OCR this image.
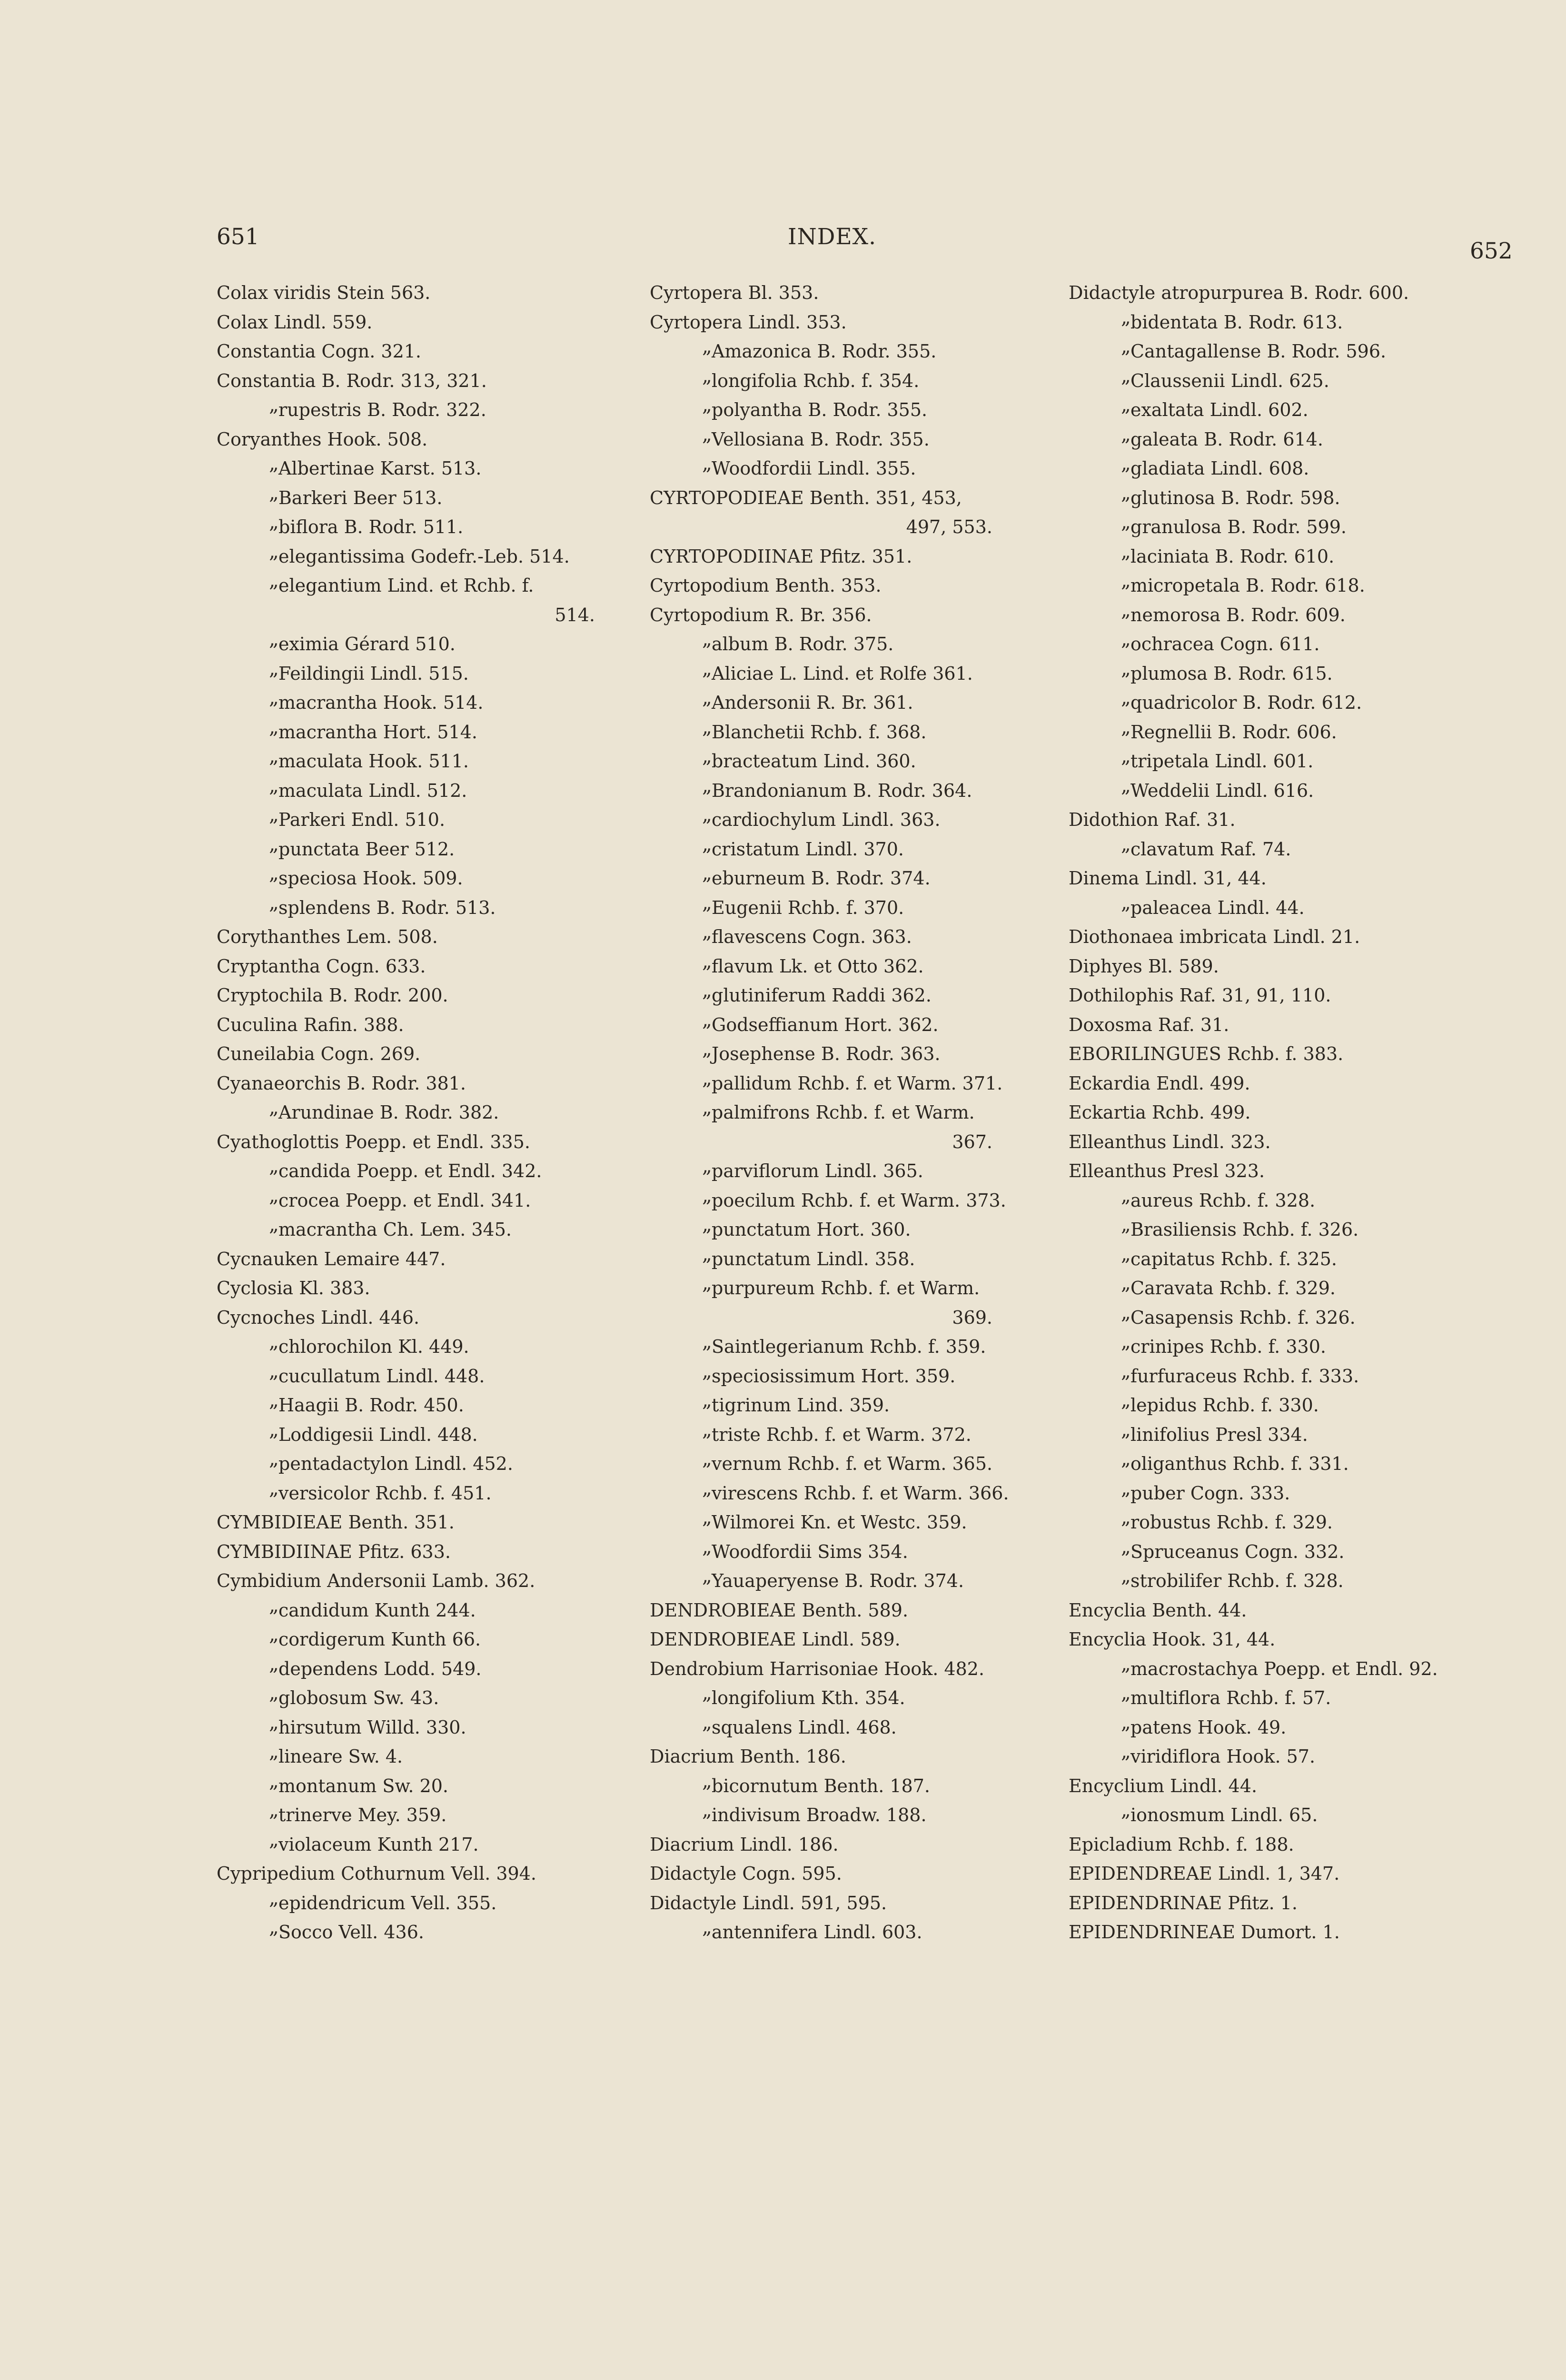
651	INDEX.
652
Colax viridis Stein 563.
Colax Lindl. 559.
Constantia Cogn. 321.
Constantia B. Rodr. 313, 321.
„ rupestris B. Rodr. 322.
Coryanthes Hook. 508.
„ Albertinae Karst. 513.
„ Barkeri Beer 513.
„ biflora B. Rodr. 511.
„ elegantissima Godefr.-Leb. 514.
„ elegantium Lind. et Rchb. f.
514.
„ eximia Gérard 510.
„ Feildingii Lindl. 515.
„ macrantha Hook. 514.
„ macrantha Hort. 514.
„ maculata Hook. 511.
„ maculata Lindl. 512.
„ Parkeri Endl. 510.
„ punctata Beer 512.
„ speciosa Hook. 509.
„ splendens B. Rodr. 513.
Corythanthes Lem. 508.
Cryptantha Cogn. 633.
Cryptochila B. Rodr. 200.
Cuculina Rafin. 388.
Cuneilabia Cogn. 269.
Cyanaeorchis B. Rodr. 381.
„ Arundinae B. Rodr. 382.
Cyathoglottis Poepp. et Endl. 335.
„ candida Poepp. et Endl. 342.
„ crocea Poepp. et Endl. 341.
„ macrantha Ch. Lem. 345.
Cycnauken Lemaire 447.
Cyclosia Kl. 383.
Cycnoches Lindl. 446.
„ chlorochilon Kl. 449.
„ cucullatum Lindl. 448.
„ Haagii B. Rodr. 450.
„ Loddigesii Lindl. 448.
„ pentadactylon Lindl. 452.
„ versicolor Rchb. f. 451.
CYMBIDIEAE Benth. 351.
CYMBIDIINAE Pfitz. 633.
Cymbidium Andersonii Lamb. 362.
„ candidum Kunth 244.
„ cordigerum Kunth 66.
„ dependens Lodd. 549.
„ globosum Sw. 43.
„ hirsutum Willd. 330.
„ lineare Sw. 4.
„ montanum Sw. 20.
„ trinerve Mey. 359.
„ violaceum Kunth 217.
Cypripedium Cothurnum Vell. 394.
„ epidendricum Vell. 355.
„ Socco Vell. 436.
Cyrtopera Bl. 353.
Cyrtopera Lindl. 353.
„ Amazonica B. Rodr. 355.
„ longifolia Rchb. f. 354.
„ polyantha B. Rodr. 355.
„ Vellosiana B. Rodr. 355.
„ Woodfordii Lindl. 355.
CYRTOPODIEAE Benth. 351, 453,
497, 553.
CYRTOPODIINAE Pfitz. 351.
Cyrtopodium Benth. 353.
Cyrtopodium R. Br. 356.
„ album B. Rodr. 375.
„ Aliciae L. Lind. et Rolfe 361.
„ Andersonii R. Br. 361.
„ Blanchetii Rchb. f. 368.
„ bracteatum Lind. 360.
„ Brandonianum B. Rodr. 364.
„ cardiochylum Lindl. 363.
„ cristatum Lindl. 370.
„ eburneum B. Rodr. 374.
„ Eugenii Rchb. f. 370.
„ flavescens Cogn. 363.
„ flavum Lk. et Otto 362.
„ glutiniferum Raddi 362.
„ Godseffianum Hort. 362.
„ Josephense B. Rodr. 363.
„ pallidum Rchb. f. et Warm. 371.
„ palmifrons Rchb. f. et Warm.
367.
„ parviflorum Lindl. 365.
„ poecilum Rchb. f. et Warm. 373.
„ punctatum Hort. 360.
„ punctatum Lindl. 358.
„ purpureum Rchb. f. et Warm.
369.
„ Saintlegerianum Rchb. f. 359.
„ speciosissimum Hort. 359.
„ tigrinum Lind. 359.
„ triste Rchb. f. et Warm. 372.
„ vernum Rchb. f. et Warm. 365.
„ virescens Rchb. f. et Warm. 366.
„ Wilmorei Kn. et Westc. 359.
„ Woodfordii Sims 354.
„ Yauaperyense B. Rodr. 374.
DENDROBIEAE Benth. 589.
DENDROBIEAE Lindl. 589.
Dendrobium Harrisoniae Hook. 482.
„ longifolium Kth. 354.
„ squalens Lindl. 468.
Diacrium Benth. 186.
„ bicornutum Benth. 187.
„ indivisum Broadw. 188.
Diacrium Lindl. 186.
Didactyle Cogn. 595.
Didactyle Lindl. 591, 595.
„ antennifera Lindl. 603.
Didactyle atropurpurea B. Rodr. 600.
„ bidentata B. Rodr. 613.
„ Cantagallense B. Rodr. 596.
„ Claussenii Lindl. 625.
„ exaltata Lindl. 602.
„ galeata B. Rodr. 614.
„ gladiata Lindl. 608.
„ glutinosa B. Rodr. 598.
„ granulosa B. Rodr. 599.
„ laciniata B. Rodr. 610.
„ micropetala B. Rodr. 618.
„ nemorosa B. Rodr. 609.
„ ochracea Cogn. 611.
„ plumosa B. Rodr. 615.
„ quadricolor B. Rodr. 612.
„ Regnellii B. Rodr. 606.
„ tripetala Lindl. 601.
„ Weddelii Lindl. 616.
Didothion Raf. 31.
„ clavatum Raf. 74.
Dinema Lindl. 31, 44.
„ paleacea Lindl. 44.
Diothonaea imbricata Lindl. 21.
Diphyes Bl. 589.
Dothilophis Raf. 31, 91, 110.
Doxosma Raf. 31.
EBORILINGUES Rchb. f. 383.
Eckardia Endl. 499.
Eckartia Rchb. 499.
Elleanthus Lindl. 323.
Elleanthus Presl 323.
„ aureus Rchb. f. 328.
„ Brasiliensis Rchb. f. 326.
„ capitatus Rchb. f. 325.
„ Caravata Rchb. f. 329.
„ Casapensis Rchb. f. 326.
„ crinipes Rchb. f. 330.
„ furfuraceus Rchb. f. 333.
„ lepidus Rchb. f. 330.
„ linifolius Presl 334.
„ oliganthus Rchb. f. 331.
„ puber Cogn. 333.
„ robustus Rchb. f. 329.
„ Spruceanus Cogn. 332.
„ strobilifer Rchb. f. 328.
Encyclia Benth. 44.
Encyclia Hook. 31, 44.
„ macrostachya Poepp. et Endl. 92.
„ multiflora Rchb. f. 57.
„ patens Hook. 49.
„ viridiflora Hook. 57.
Encyclium Lindl. 44.
„ ionosmum Lindl. 65.
Epicladium Rchb. f. 188.
EPIDENDREAE Lindl. 1, 347.
EPIDENDRINAE Pfitz. 1.
EPIDENDRINEAE Dumort. 1.
